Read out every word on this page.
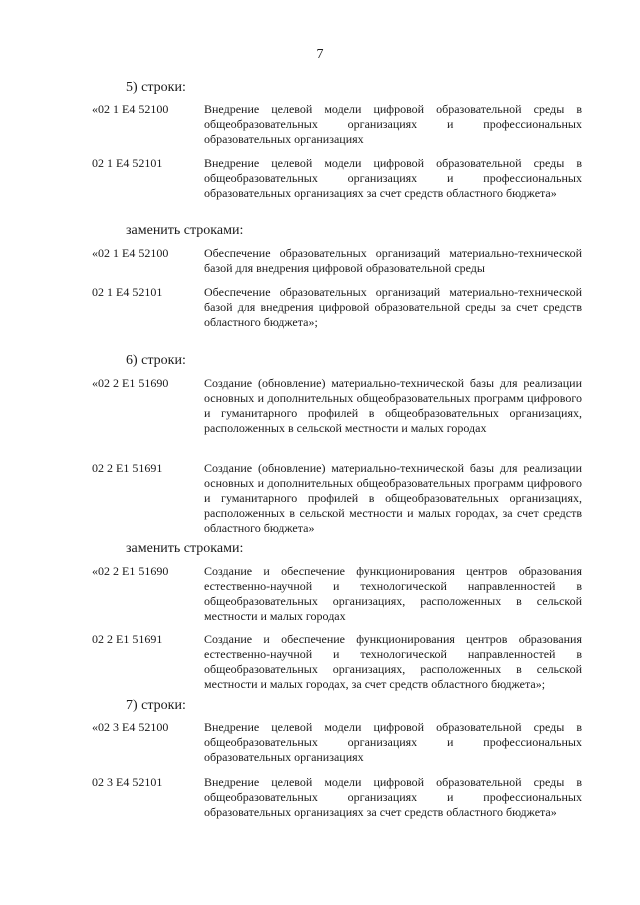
7
5) строки:
«02 1 Е4 52100	Внедрение целевой модели цифровой образовательной среды в общеобразовательных организациях и профессиональных образовательных организациях
02 1 Е4 52101	Внедрение целевой модели цифровой образовательной среды в общеобразовательных организациях и профессиональных образовательных организациях за счет средств областного бюджета»
заменить строками:
«02 1 Е4 52100	Обеспечение образовательных организаций материально-технической базой для внедрения цифровой образовательной среды
02 1 Е4 52101	Обеспечение образовательных организаций материально-технической базой для внедрения цифровой образовательной среды за счет средств областного бюджета»;
6) строки:
«02 2 Е1 51690	Создание (обновление) материально-технической базы для реализации основных и дополнительных общеобразовательных программ цифрового и гуманитарного профилей в общеобразовательных организациях, расположенных в сельской местности и малых городах
02 2 Е1 51691	Создание (обновление) материально-технической базы для реализации основных и дополнительных общеобразовательных программ цифрового и гуманитарного профилей в общеобразовательных организациях, расположенных в сельской местности и малых городах, за счет средств областного бюджета»
заменить строками:
«02 2 Е1 51690	Создание и обеспечение функционирования центров образования естественно-научной и технологической направленностей в общеобразовательных организациях, расположенных в сельской местности и малых городах
02 2 Е1 51691	Создание и обеспечение функционирования центров образования естественно-научной и технологической направленностей в общеобразовательных организациях, расположенных в сельской местности и малых городах, за счет средств областного бюджета»;
7) строки:
«02 3 Е4 52100	Внедрение целевой модели цифровой образовательной среды в общеобразовательных организациях и профессиональных образовательных организациях
02 3 Е4 52101	Внедрение целевой модели цифровой образовательной среды в общеобразовательных организациях и профессиональных образовательных организациях за счет средств областного бюджета»
